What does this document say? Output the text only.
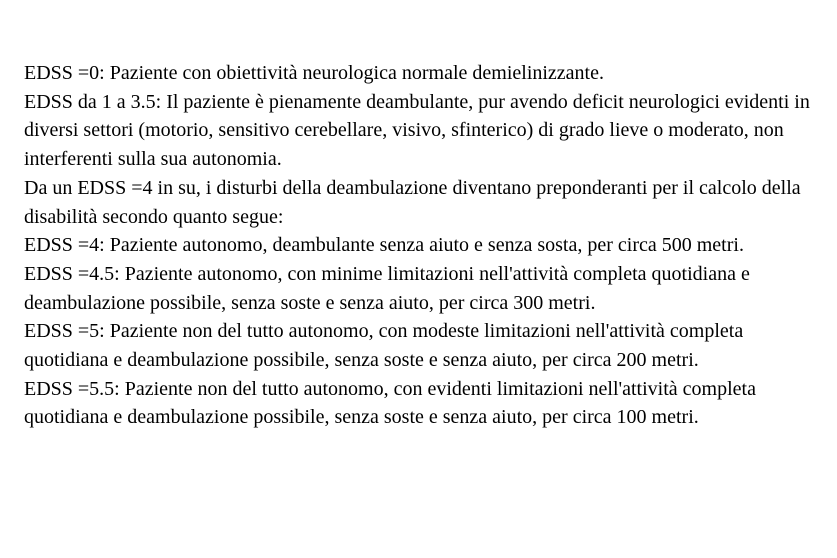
EDSS =0: Paziente con obiettività neurologica normale demielinizzante.

EDSS da 1 a 3.5: Il paziente è pienamente deambulante, pur avendo deficit neurologici evidenti in diversi settori (motorio, sensitivo cerebellare, visivo, sfinterico) di grado lieve o moderato, non interferenti sulla sua autonomia.

Da un EDSS =4 in su, i disturbi della deambulazione diventano preponderanti per il calcolo della disabilità secondo quanto segue:

EDSS =4: Paziente autonomo, deambulante senza aiuto e senza sosta, per circa 500 metri.

EDSS =4.5: Paziente autonomo, con minime limitazioni nell'attività completa quotidiana e deambulazione possibile, senza soste e senza aiuto, per circa 300 metri.

EDSS =5: Paziente non del tutto autonomo, con modeste limitazioni nell'attività completa quotidiana e deambulazione possibile, senza soste e senza aiuto, per circa 200 metri.

EDSS =5.5: Paziente non del tutto autonomo, con evidenti limitazioni nell'attività completa quotidiana e deambulazione possibile, senza soste e senza aiuto, per circa 100 metri.
